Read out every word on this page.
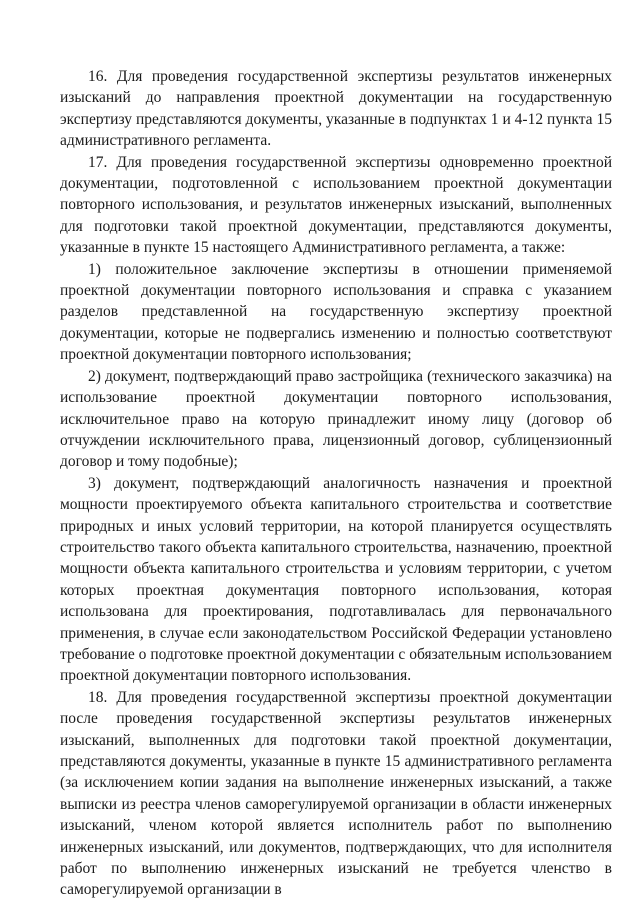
16. Для проведения государственной экспертизы результатов инженерных изысканий до направления проектной документации на государственную экспертизу представляются документы, указанные в подпунктах 1 и 4-12 пункта 15 административного регламента.

17. Для проведения государственной экспертизы одновременно проектной документации, подготовленной с использованием проектной документации повторного использования, и результатов инженерных изысканий, выполненных для подготовки такой проектной документации, представляются документы, указанные в пункте 15 настоящего Административного регламента, а также:

1) положительное заключение экспертизы в отношении применяемой проектной документации повторного использования и справка с указанием разделов представленной на государственную экспертизу проектной документации, которые не подвергались изменению и полностью соответствуют проектной документации повторного использования;

2) документ, подтверждающий право застройщика (технического заказчика) на использование проектной документации повторного использования, исключительное право на которую принадлежит иному лицу (договор об отчуждении исключительного права, лицензионный договор, сублицензионный договор и тому подобные);

3) документ, подтверждающий аналогичность назначения и проектной мощности проектируемого объекта капитального строительства и соответствие природных и иных условий территории, на которой планируется осуществлять строительство такого объекта капитального строительства, назначению, проектной мощности объекта капитального строительства и условиям территории, с учетом которых проектная документация повторного использования, которая использована для проектирования, подготавливалась для первоначального применения, в случае если законодательством Российской Федерации установлено требование о подготовке проектной документации с обязательным использованием проектной документации повторного использования.

18. Для проведения государственной экспертизы проектной документации после проведения государственной экспертизы результатов инженерных изысканий, выполненных для подготовки такой проектной документации, представляются документы, указанные в пункте 15 административного регламента (за исключением копии задания на выполнение инженерных изысканий, а также выписки из реестра членов саморегулируемой организации в области инженерных изысканий, членом которой является исполнитель работ по выполнению инженерных изысканий, или документов, подтверждающих, что для исполнителя работ по выполнению инженерных изысканий не требуется членство в саморегулируемой организации в
